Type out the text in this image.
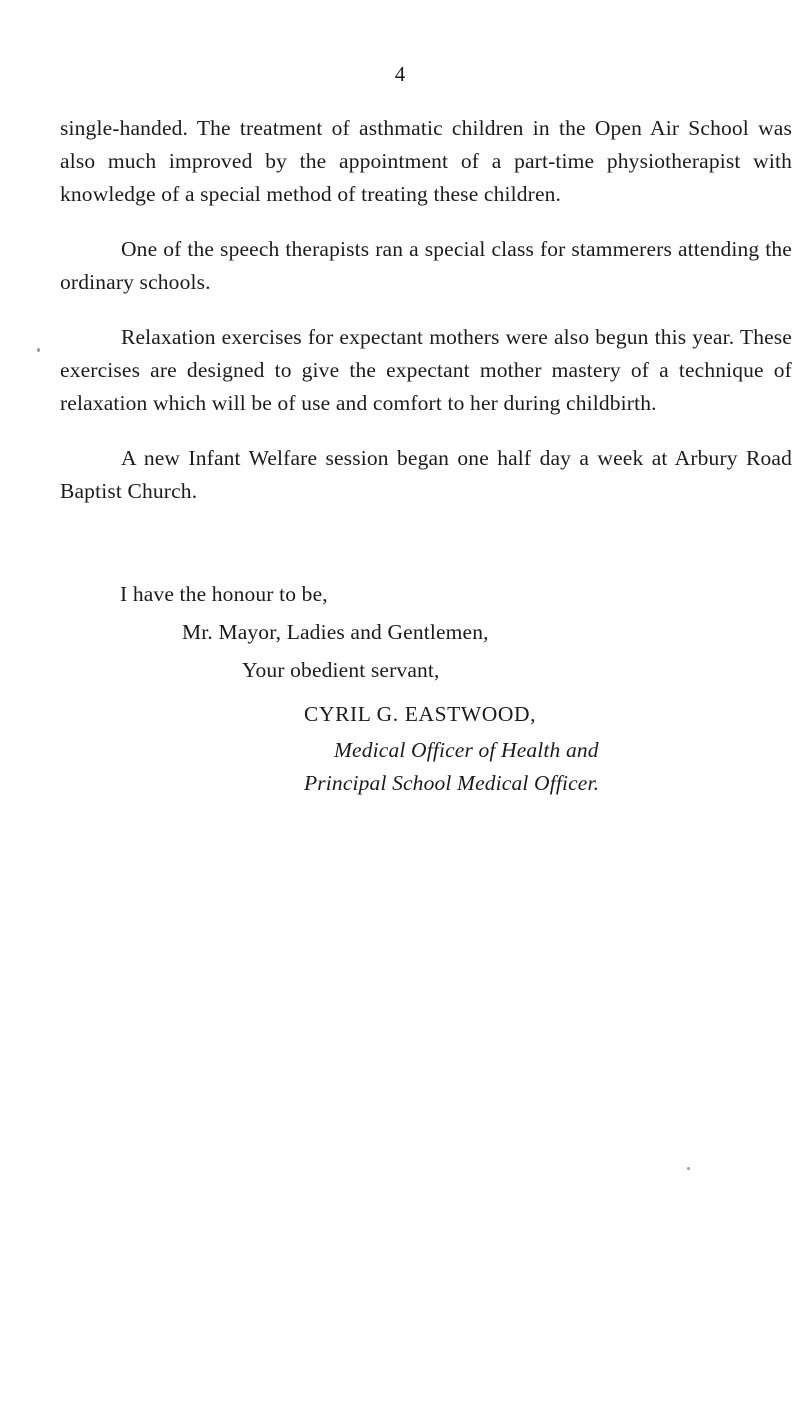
4

single-handed. The treatment of asthmatic children in the Open Air School was also much improved by the appointment of a part-time physiotherapist with knowledge of a special method of treating these children.

One of the speech therapists ran a special class for stammerers attending the ordinary schools.

Relaxation exercises for expectant mothers were also begun this year. These exercises are designed to give the expectant mother mastery of a technique of relaxation which will be of use and comfort to her during childbirth.

A new Infant Welfare session began one half day a week at Arbury Road Baptist Church.

I have the honour to be,
Mr. Mayor, Ladies and Gentlemen,
Your obedient servant,
CYRIL G. EASTWOOD,
Medical Officer of Health and
Principal School Medical Officer.
